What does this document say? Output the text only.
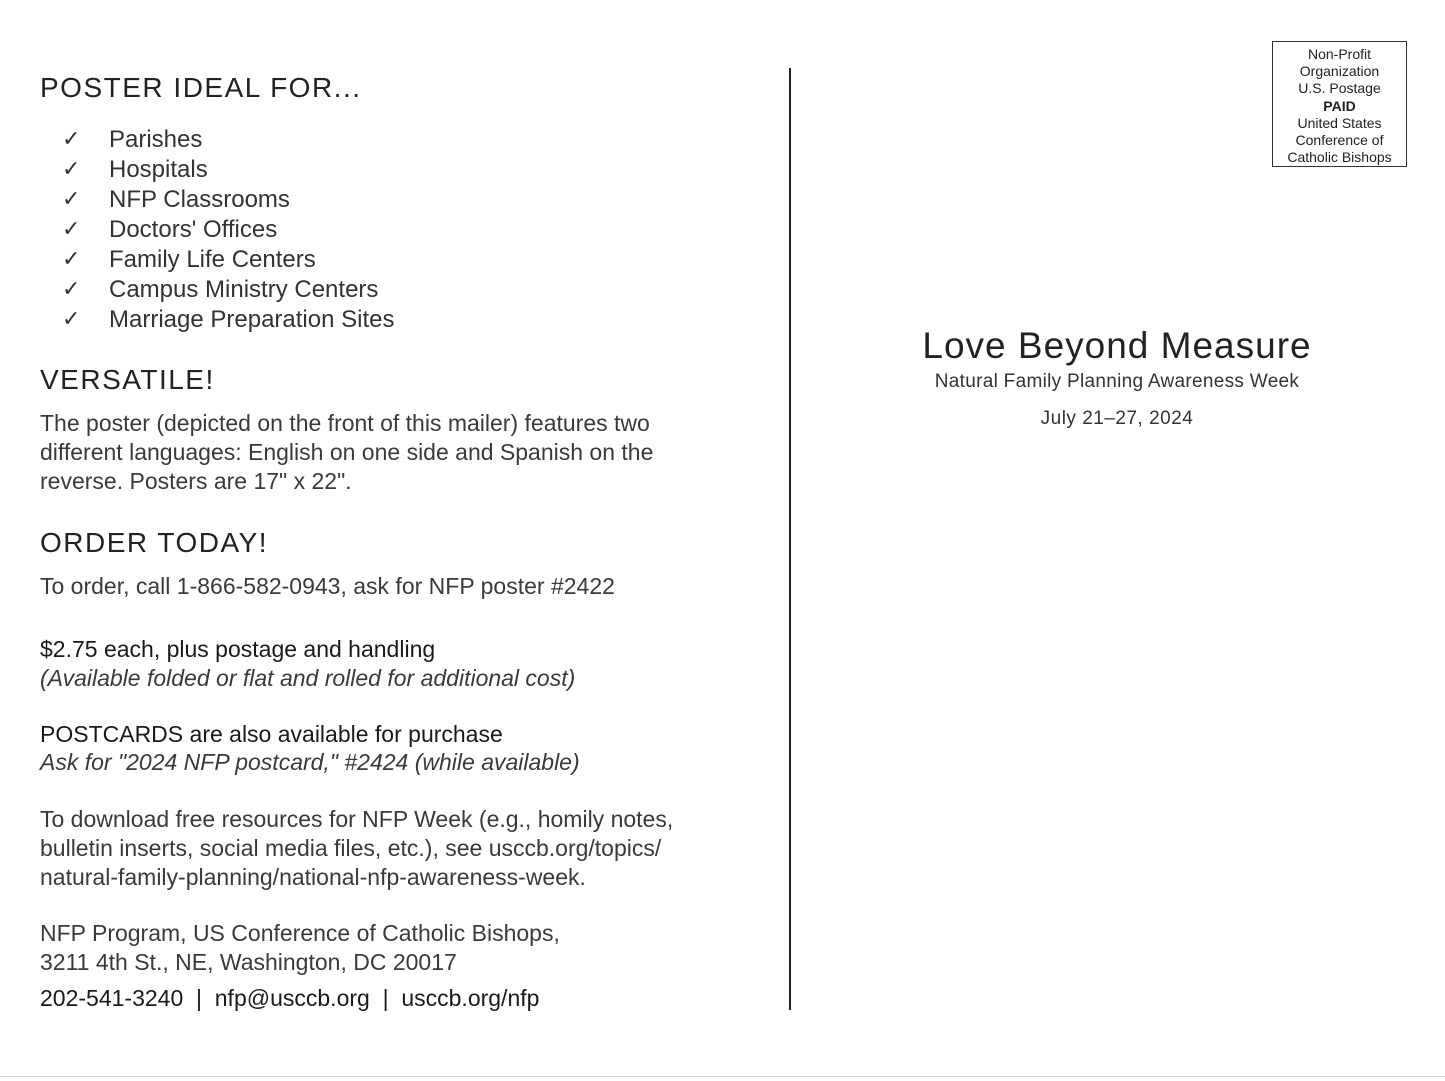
POSTER IDEAL FOR...
✓	Parishes
✓	Hospitals
✓	NFP Classrooms
✓	Doctors' Offices
✓	Family Life Centers
✓	Campus Ministry Centers
✓	Marriage Preparation Sites
VERSATILE!
The poster (depicted on the front of this mailer) features two
different languages: English on one side and Spanish on the
reverse. Posters are 17" x 22".
ORDER TODAY!
To order, call 1-866-582-0943, ask for NFP poster #2422
$2.75 each, plus postage and handling
(Available folded or flat and rolled for additional cost)
POSTCARDS are also available for purchase
Ask for "2024 NFP postcard," #2424 (while available)
To download free resources for NFP Week (e.g., homily notes,
bulletin inserts, social media files, etc.), see usccb.org/topics/
natural-family-planning/national-nfp-awareness-week.
NFP Program, US Conference of Catholic Bishops,
3211 4th St., NE, Washington, DC 20017
202-541-3240  |  nfp@usccb.org  |  usccb.org/nfp
Non-Profit
Organization
U.S. Postage
PAID
United States
Conference of
Catholic Bishops
Love Beyond Measure
Natural Family Planning Awareness Week
July 21–27, 2024
